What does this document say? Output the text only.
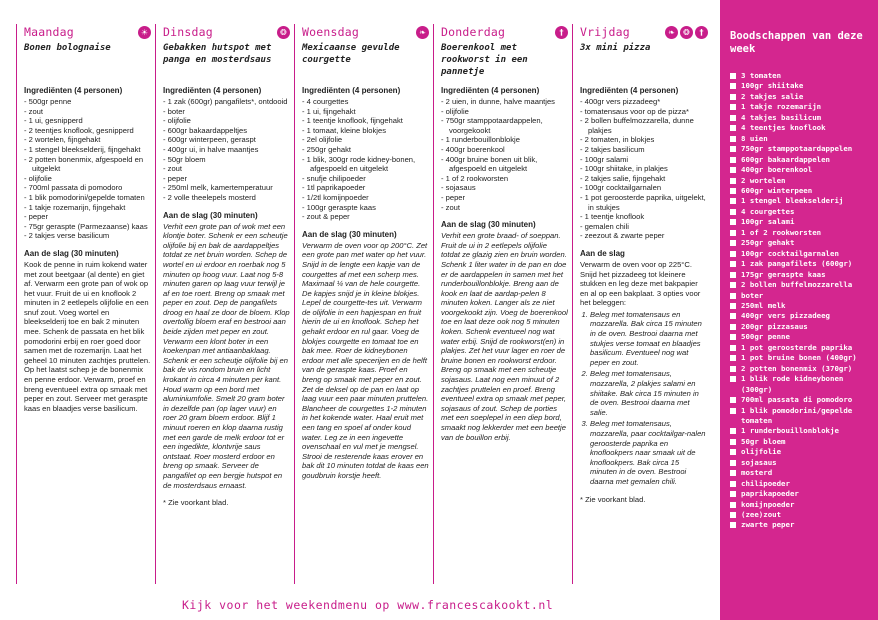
Maandag	☀
Bonen bolognaise
Ingrediënten (4 personen)
- 500gr penne
- zout
- 1 ui, gesnipperd
- 2 teentjes knoflook, gesnipperd
- 2 wortelen, fijngehakt
- 1 stengel bleekselderij, fijngehakt
- 2 potten bonenmix, afgespoeld en uitgelekt
- olijfolie
- 700ml passata di pomodoro
- 1 blik pomodorini/gepelde tomaten
- 1 takje rozemarijn, fijngehakt
- peper
- 75gr geraspte (Parmezaanse) kaas
- 2 takjes verse basilicum
Aan de slag (30 minuten)
Kook de penne in ruim kokend water met zout beetgaar (al dente) en giet af. Verwarm een grote pan of wok op het vuur. Fruit de ui en knoflook 2 minuten in 2 eetlepels olijfolie en een snuf zout. Voeg wortel en bleekselderij toe en bak 2 minuten mee. Schenk de passata en het blik pomodorini erbij en roer goed door samen met de rozemarijn. Laat het geheel 10 minuten zachtjes pruttelen. Op het laatst schep je de bonenmix en penne erdoor. Verwarm, proef en breng eventueel extra op smaak met peper en zout. Serveer met geraspte kaas en blaadjes verse basilicum.
Dinsdag	❂
Gebakken hutspot met panga en mosterdsaus
Ingrediënten (4 personen)
- 1 zak (600gr) pangafilets*, ontdooid
- boter
- olijfolie
- 600gr bakaardappeltjes
- 600gr winterpeen, geraspt
- 400gr ui, in halve maantjes
- 50gr bloem
- zout
- peper
- 250ml melk, kamertemperatuur
- 2 volle theelepels mosterd
Aan de slag (30 minuten)
Verhit een grote pan of wok met een klontje boter. Schenk er een scheutje olijfolie bij en bak de aardappeltjes totdat ze net bruin worden. Schep de wortel en ui erdoor en roerbak nog 5 minuten op hoog vuur. Laat nog 5-8 minuten garen op laag vuur terwijl je af en toe roert. Breng op smaak met peper en zout. Dep de pangafilets droog en haal ze door de bloem. Klop overtollig bloem eraf en bestrooi aan beide zijden met peper en zout. Verwarm een klont boter in een koekenpan met antiaanbaklaag. Schenk er een scheutje olijfolie bij en bak de vis rondom bruin en licht krokant in circa 4 minuten per kant. Houd warm op een bord met aluminiumfolie. Smelt 20 gram boter in dezelfde pan (op lager vuur) en roer 20 gram bloem erdoor. Blijf 1 minuut roeren en klop daarna rustig met een garde de melk erdoor tot er een ingedikte, klontvrije saus ontstaat. Roer mosterd erdoor en breng op smaak. Serveer de pangafilet op een bergje hutspot en de mosterdsaus ernaast.
* Zie voorkant blad.
Woensdag	❧
Mexicaanse gevulde courgette
Ingrediënten (4 personen)
- 4 courgettes
- 1 ui, fijngehakt
- 1 teentje knoflook, fijngehakt
- 1 tomaat, kleine blokjes
- 2el olijfolie
- 250gr gehakt
- 1 blik, 300gr rode kidney-bonen, afgespoeld en uitgelekt
- snufje chilipoeder
- 1tl paprikapoeder
- 1/2tl komijnpoeder
- 100gr geraspte kaas
- zout & peper
Aan de slag (30 minuten)
Verwarm de oven voor op 200°C. Zet een grote pan met water op het vuur. Snijd in de lengte een kapje van de courgettes af met een scherp mes. Maximaal ¼ van de hele courgette. De kapjes snijd je in kleine blokjes. Lepel de courgette-tes uit. Verwarm de olijfolie in een hapjespan en fruit hierin de ui en knoflook. Schep het gehakt erdoor en rul gaar. Voeg de blokjes courgette en tomaat toe en bak mee. Roer de kidneybonen erdoor met alle specerijen en de helft van de geraspte kaas. Proef en breng op smaak met peper en zout. Zet de deksel op de pan en laat op laag vuur een paar minuten pruttelen. Blancheer de courgettes 1-2 minuten in het kokende water. Haal eruit met een tang en spoel af onder koud water. Leg ze in een ingevette ovenschaal en vul met je mengsel. Strooi de resterende kaas erover en bak dit 10 minuten totdat de kaas een goudbruin korstje heeft.
Donderdag	†
Boerenkool met rookworst in een pannetje
Ingrediënten (4 personen)
- 2 uien, in dunne, halve maantjes
- olijfolie
- 750gr stamppotaardappelen, voorgekookt
- 1 runderbouillonblokje
- 400gr boerenkool
- 400gr bruine bonen uit blik, afgespoeld en uitgelekt
- 1 of 2 rookworsten
- sojasaus
- peper
- zout
Aan de slag (30 minuten)
Verhit een grote braad- of soeppan. Fruit de ui in 2 eetlepels olijfolie totdat ze glazig zien en bruin worden. Schenk 1 liter water in de pan en doe er de aardappelen in samen met het runderbouillonblokje. Breng aan de kook en laat de aardap-pelen 8 minuten koken. Langer als ze niet voorgekookt zijn. Voeg de boerenkool toe en laat deze ook nog 5 minuten koken. Schenk eventueel nog wat water erbij. Snijd de rookworst(en) in plakjes. Zet het vuur lager en roer de bruine bonen en rookworst erdoor. Breng op smaak met een scheutje sojasaus. Laat nog een minuut of 2 zachtjes pruttelen en proef. Breng eventueel extra op smaak met peper, sojasaus of zout. Schep de porties met een soeplepel in een diep bord, smaakt nog lekkerder met een beetje van de bouillon erbij.
Vrijdag	❧	❂	†
3x mini pizza
Ingrediënten (4 personen)
- 400gr vers pizzadeeg*
- tomatensaus voor op de pizza*
- 2 bollen buffelmozzarella, dunne plakjes
- 2 tomaten, in blokjes
- 2 takjes basilicum
- 100gr salami
- 100gr shiitake, in plakjes
- 2 takjes salie, fijngehakt
- 100gr cocktailgarnalen
- 1 pot geroosterde paprika, uitgelekt, in stukjes
- 1 teentje knoflook
- gemalen chili
- zeezout & zwarte peper
Aan de slag
Verwarm de oven voor op 225°C. Snijd het pizzadeeg tot kleinere stukken en leg deze met bakpapier en al op een bakplaat. 3 opties voor het beleggen:
1. Beleg met tomatensaus en mozzarella. Bak circa 15 minuten in de oven. Bestrooi daarna met stukjes verse tomaat en blaadjes basilicum. Eventueel nog wat peper en zout.
2. Beleg met tomatensaus, mozzarella, 2 plakjes salami en shiitake. Bak circa 15 minuten in de oven. Bestrooi daarna met salie.
3. Beleg met tomatensaus, mozzarella, paar cocktailgar-nalen geroosterde paprika en knoflookpers naar smaak uit de knoflookpers. Bak circa 15 minuten in de oven. Bestrooi daarna met gemalen chili.
* Zie voorkant blad.
Kijk voor het weekendmenu op www.francescakookt.nl
Boodschappen van deze week
3 tomaten
100gr shiitake
2 takjes salie
1 takje rozemarijn
4 takjes basilicum
4 teentjes knoflook
8 uien
750gr stamppotaardappelen
600gr bakaardappelen
400gr boerenkool
2 wortelen
600gr winterpeen
1 stengel bleekselderij
4 courgettes
100gr salami
1 of 2 rookworsten
250gr gehakt
100gr cocktailgarnalen
1 zak pangafilets (600gr)
175gr geraspte kaas
2 bollen buffelmozzarella
boter
250ml melk
400gr vers pizzadeeg
200gr pizzasaus
500gr penne
1 pot geroosterde paprika
1 pot bruine bonen (400gr)
2 potten bonenmix (370gr)
1 blik rode kidneybonen (300gr)
700ml passata di pomodoro
1 blik pomodorini/gepelde tomaten
1 runderbouillonblokje
50gr bloem
olijfolie
sojasaus
mosterd
chilipoeder
paprikapoeder
komijnpoeder
(zee)zout
zwarte peper
